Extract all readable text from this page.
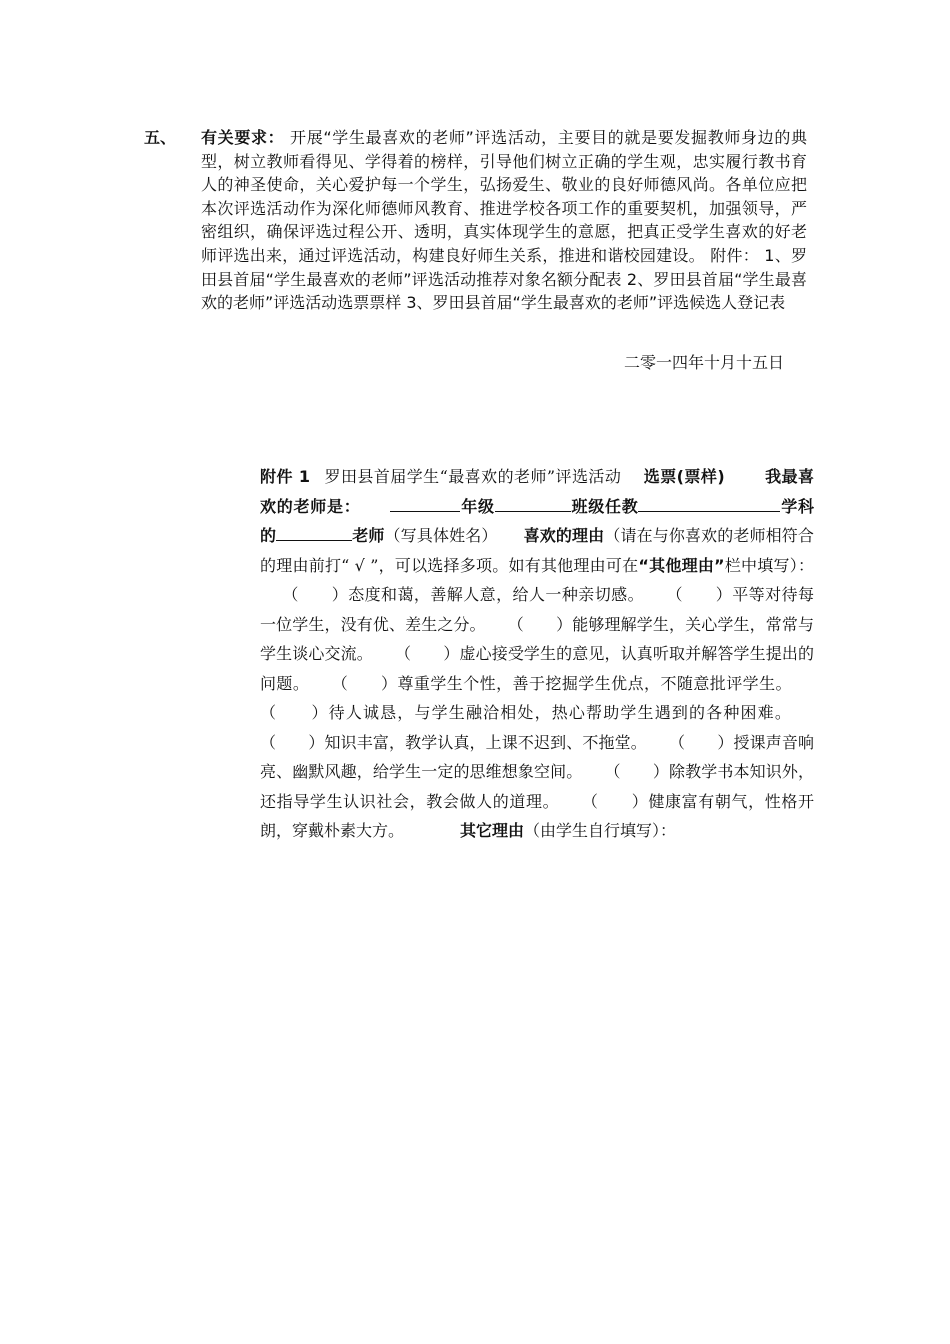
五、 有关要求： 开展“学生最喜欢的老师”评选活动，主要目的就是要发掘教师身边的典型，树立教师看得见、学得着的榜样，引导他们树立正确的学生观，忠实履行教书育人的神圣使命，关心爱护每一个学生，弘扬爱生、敬业的良好师德风尚。各单位应把本次评选活动作为深化师德师风教育、推进学校各项工作的重要契机，加强领导，严密组织，确保评选过程公开、透明，真实体现学生的意愿，把真正受学生喜欢的好老师评选出来，通过评选活动，构建良好师生关系，推进和谐校园建设。 附件： 1、罗田县首届“学生最喜欢的老师”评选活动推荐对象名额分配表 2、罗田县首届“学生最喜欢的老师”评选活动选票票样 3、罗田县首届“学生最喜欢的老师”评选候选人登记表
二零一四年十月十五日
附件 1 罗田县首届学生“最喜欢的老师”评选活动 选票(票样)	我最喜欢的老师是：	年级	班级任教	学科的	老师（写具体姓名） 喜欢的理由（请在与你喜欢的老师相符合的理由前打“ √ ”，可以选择多项。如有其他理由可在“其他理由”栏中填写）：（　　）态度和蔼，善解人意，给人一种亲切感。 （　　）平等对待每一位学生，没有优、差生之分。 （　　）能够理解学生，关心学生，常常与学生谈心交流。 （　　）虚心接受学生的意见，认真听取并解答学生提出的问题。 （　　）尊重学生个性，善于挖掘学生优点，不随意批评学生。（　　）待人诚恳，与学生融洽相处，热心帮助学生遇到的各种困难。（　　）知识丰富，教学认真，上课不迟到、不拖堂。 （　　）授课声音响亮、幽默风趣，给学生一定的思维想象空间。 （　　）除教学书本知识外，还指导学生认识社会，教会做人的道理。 （　　）健康富有朝气，性格开朗，穿戴朴素大方。	其它理由（由学生自行填写）：
